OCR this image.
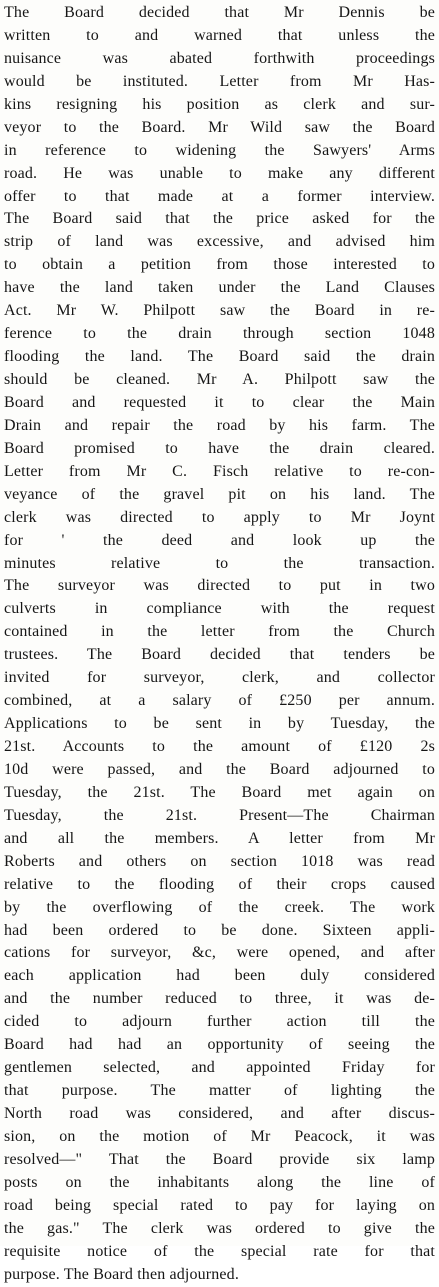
The Board decided that Mr Dennis be
written to and warned that unless the
nuisance was abated forthwith proceedings
would be instituted. Letter from Mr Has-
kins resigning his position as clerk and sur-
veyor to the Board. Mr Wild saw the Board
in reference to widening the Sawyers' Arms
road. He was unable to make any different
offer to that made at a former interview.
The Board said that the price asked for the
strip of land was excessive, and advised him
to obtain a petition from those interested to
have the land taken under the Land Clauses
Act. Mr W. Philpott saw the Board in re-
ference to the drain through section 1048
flooding the land. The Board said the drain
should be cleaned. Mr A. Philpott saw the
Board and requested it to clear the Main
Drain and repair the road by his farm. The
Board promised to have the drain cleared.
Letter from Mr C. Fisch relative to re-con-
veyance of the gravel pit on his land. The
clerk was directed to apply to Mr Joynt
for ' the deed and look up the
minutes relative to the transaction.
The surveyor was directed to put in two
culverts in compliance with the request
contained in the letter from the Church
trustees. The Board decided that tenders be
invited for surveyor, clerk, and collector
combined, at a salary of £250 per annum.
Applications to be sent in by Tuesday, the
21st. Accounts to the amount of £120 2s
10d were passed, and the Board adjourned to
Tuesday, the 21st. The Board met again on
Tuesday, the 21st. Present—The Chairman
and all the members. A letter from Mr
Roberts and others on section 1018 was read
relative to the flooding of their crops caused
by the overflowing of the creek. The work
had been ordered to be done. Sixteen appli-
cations for surveyor, &c, were opened, and after
each application had been duly considered
and the number reduced to three, it was de-
cided to adjourn further action till the
Board had had an opportunity of seeing the
gentlemen selected, and appointed Friday for
that purpose. The matter of lighting the
North road was considered, and after discus-
sion, on the motion of Mr Peacock, it was
resolved—" That the Board provide six lamp
posts on the inhabitants along the line of
road being special rated to pay for laying on
the gas." The clerk was ordered to give the
requisite notice of the special rate for that
purpose. The Board then adjourned.
